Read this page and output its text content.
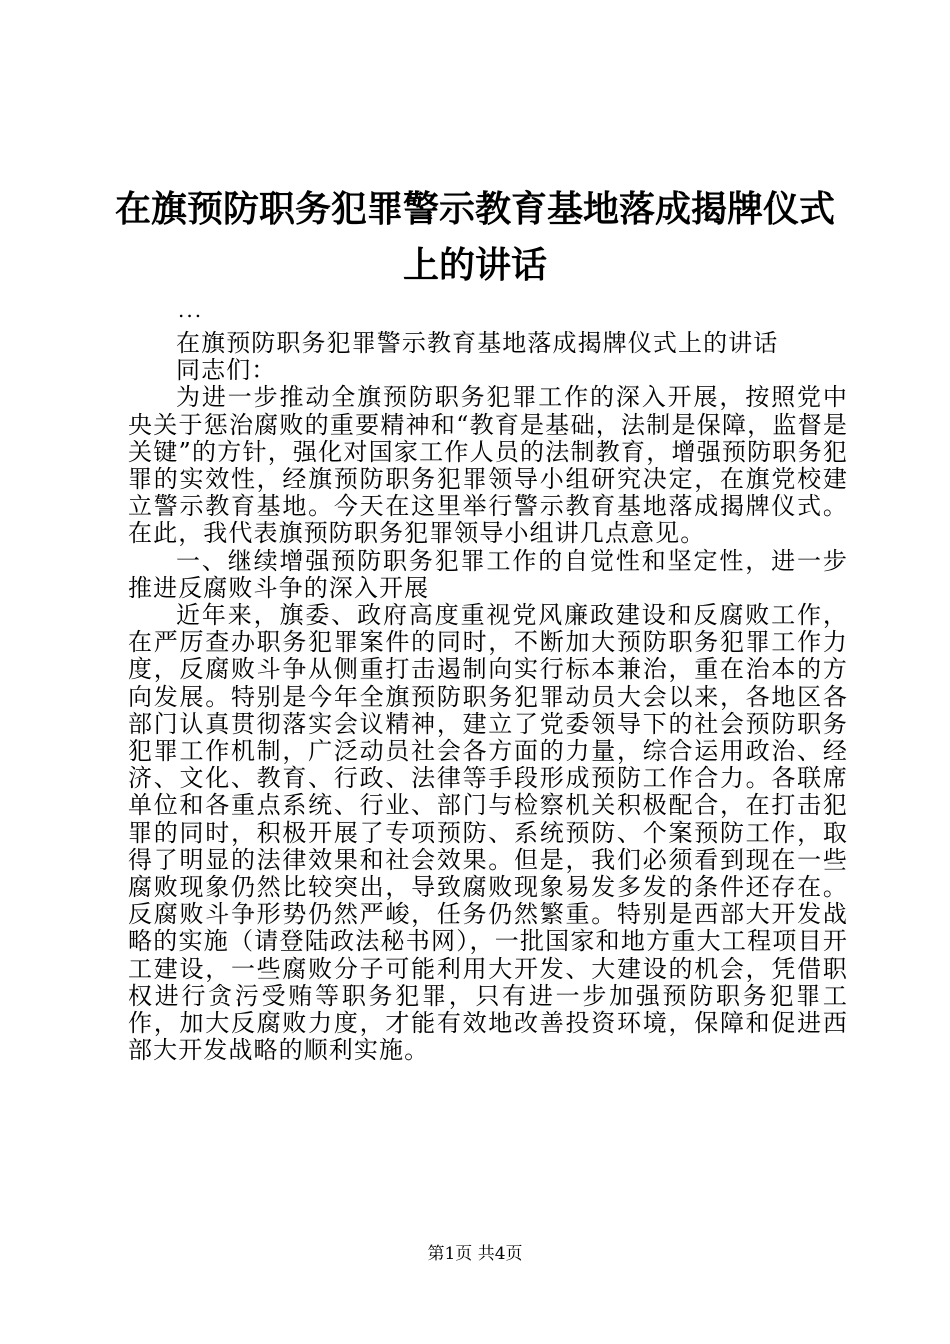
在旗预防职务犯罪警示教育基地落成揭牌仪式
上的讲话
...

在旗预防职务犯罪警示教育基地落成揭牌仪式上的讲话

同志们：

为进一步推动全旗预防职务犯罪工作的深入开展，按照党中央关于惩治腐败的重要精神和“教育是基础，法制是保障，监督是关键”的方针，强化对国家工作人员的法制教育，增强预防职务犯罪的实效性，经旗预防职务犯罪领导小组研究决定，在旗党校建立警示教育基地。今天在这里举行警示教育基地落成揭牌仪式。在此，我代表旗预防职务犯罪领导小组讲几点意见。

一、继续增强预防职务犯罪工作的自觉性和坚定性，进一步推进反腐败斗争的深入开展

近年来，旗委、政府高度重视党风廉政建设和反腐败工作，在严厉查办职务犯罪案件的同时，不断加大预防职务犯罪工作力度，反腐败斗争从侧重打击遏制向实行标本兼治，重在治本的方向发展。特别是今年全旗预防职务犯罪动员大会以来，各地区各部门认真贯彻落实会议精神，建立了党委领导下的社会预防职务犯罪工作机制，广泛动员社会各方面的力量，综合运用政治、经济、文化、教育、行政、法律等手段形成预防工作合力。各联席单位和各重点系统、行业、部门与检察机关积极配合，在打击犯罪的同时，积极开展了专项预防、系统预防、个案预防工作，取得了明显的法律效果和社会效果。但是，我们必须看到现在一些腐败现象仍然比较突出，导致腐败现象易发多发的条件还存在。反腐败斗争形势仍然严峻，任务仍然繁重。特别是西部大开发战略的实施（请登陆政法秘书网），一批国家和地方重大工程项目开工建设，一些腐败分子可能利用大开发、大建设的机会，凭借职权进行贪污受贿等职务犯罪，只有进一步加强预防职务犯罪工作，加大反腐败力度，才能有效地改善投资环境，保障和促进西部大开发战略的顺利实施。

第1页 共4页
